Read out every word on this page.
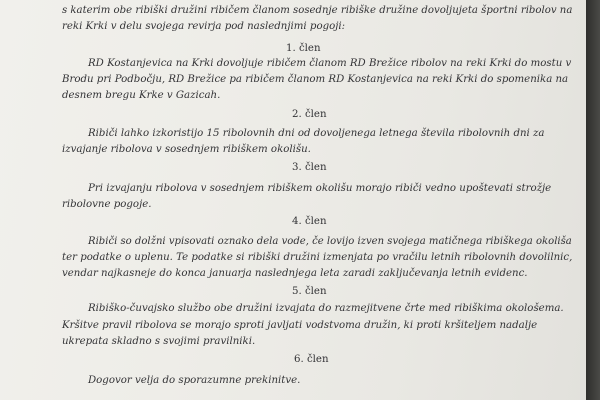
s katerim obe ribiški družini ribičem članom sosednje ribiške družine dovoljujeta športni ribolov na
reki Krki v delu svojega revirja pod naslednjimi pogoji:
1. člen
RD Kostanjevica na Krki dovoljuje ribičem članom RD Brežice ribolov na reki Krki do mostu v
Brodu pri Podbočju, RD Brežice pa ribičem članom RD Kostanjevica na reki Krki do spomenika na
desnem bregu Krke v Gazicah.
2. člen
Ribiči lahko izkoristijo 15 ribolovnih dni od dovoljenega letnega števila ribolovnih dni za
izvajanje ribolova v sosednjem ribiškem okolišu.
3. člen
Pri izvajanju ribolova v sosednjem ribiškem okolišu morajo ribiči vedno upoštevati strožje
ribolovne pogoje.
4. člen
Ribiči so dolžni vpisovati oznako dela vode, če lovijo izven svojega matičnega ribiškega okoliša
ter podatke o uplenu. Te podatke si ribiški družini izmenjata po vračilu letnih ribolovnih dovolilnic,
vendar najkasneje do konca januarja naslednjega leta zaradi zaključevanja letnih evidenc.
5. člen
Ribiško-čuvajsko službo obe družini izvajata do razmejitvene črte med ribiškima okološema.
Kršitve pravil ribolova se morajo sproti javljati vodstvoma družin, ki proti kršiteljem nadalje
ukrepata skladno s svojimi pravilniki.
6. člen
Dogovor velja do sporazumne prekinitve.
